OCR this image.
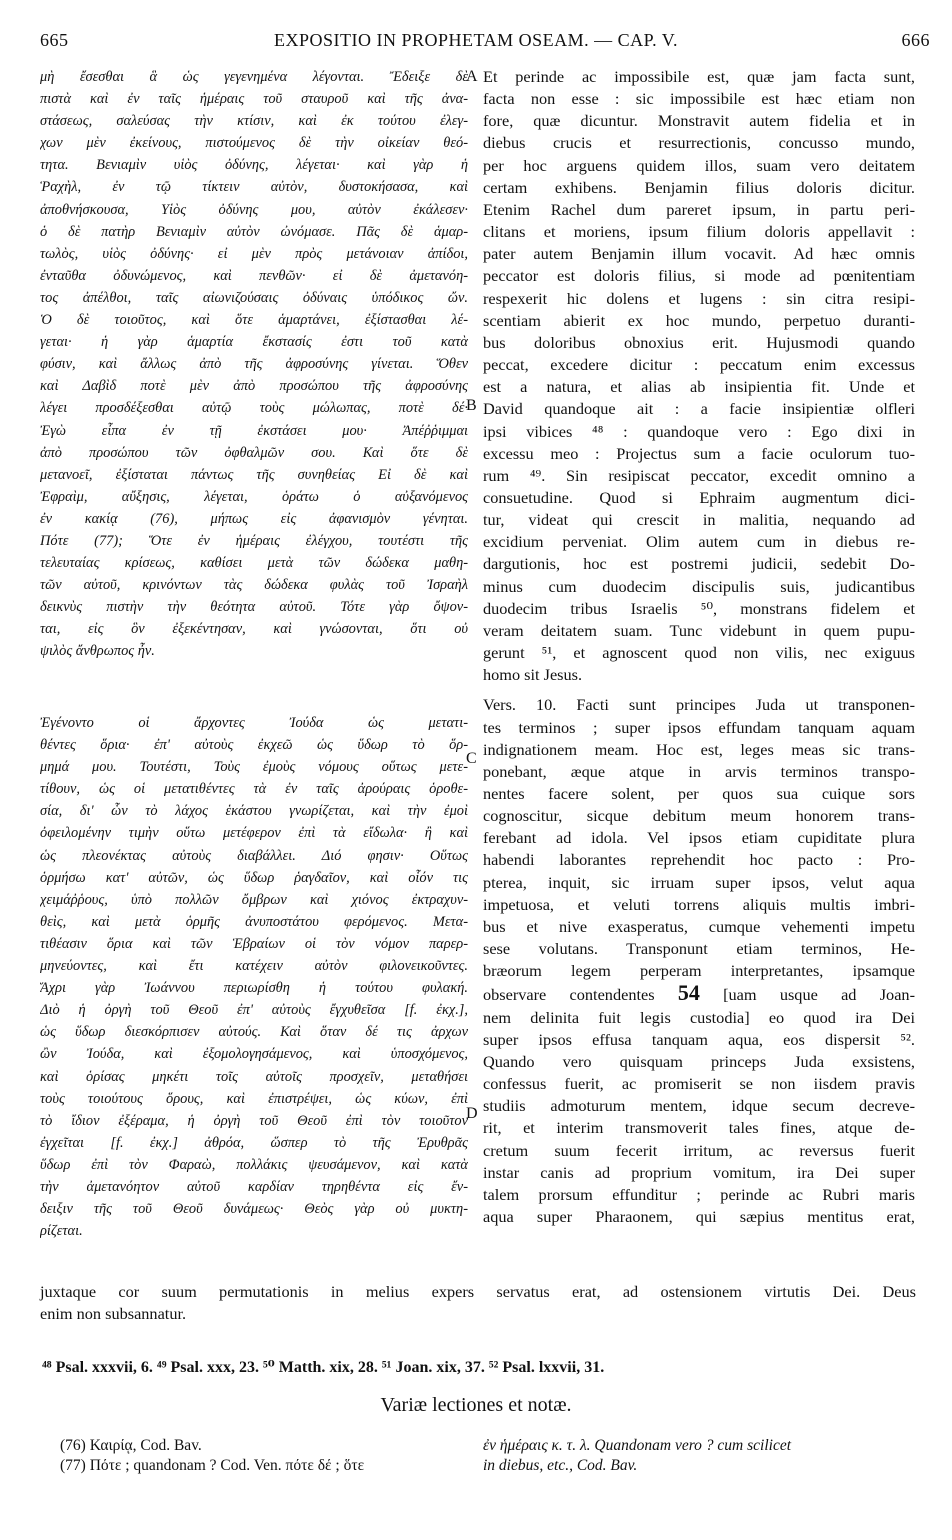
665	EXPOSITIO IN PROPHETAM OSEAM. — CAP. V.	666
μὴ ἔσεσθαι ἃ ὡς γεγενημένα λέγονται. Ἔδειξε δὲ
πιστὰ καὶ ἐν ταῖς ἡμέραις τοῦ σταυροῦ καὶ τῆς ἀνα-
στάσεως, σαλεύσας τὴν κτίσιν, καὶ ἐκ τούτου ἐλεγ-
χων μὲν ἐκείνους, πιστούμενος δὲ τὴν οἰκείαν θεό-
τητα. Βενιαμὶν υἱὸς ὀδύνης, λέγεται· καὶ γὰρ ἡ
Ῥαχὴλ, ἐν τῷ τίκτειν αὐτὸν, δυστοκήσασα, καὶ
ἀποθνήσκουσα, Υἱὸς ὀδύνης μου, αὐτὸν ἐκάλεσεν·
ὁ δὲ πατὴρ Βενιαμὶν αὐτὸν ὠνόμασε. Πᾶς δὲ ἁμαρ-
τωλὸς, υἱὸς ὀδύνης· εἰ μὲν πρὸς μετάνοιαν ἀπίδοι,
ἐνταῦθα ὀδυνώμενος, καὶ πενθῶν· εἰ δὲ ἀμετανόη-
τος ἀπέλθοι, ταῖς αἰωνιζούσαις ὀδύναις ὑπόδικος ὤν.
Ὁ δὲ τοιοῦτος, καὶ ὅτε ἁμαρτάνει, ἐξίστασθαι λέ-
γεται· ἡ γὰρ ἁμαρτία ἔκστασίς ἐστι τοῦ κατὰ
φύσιν, καὶ ἄλλως ἀπὸ τῆς ἀφροσύνης γίνεται. Ὅθεν
καὶ Δαβὶδ ποτὲ μὲν ἀπὸ προσώπου τῆς ἀφροσύνης
λέγει προσδέξεσθαι αὐτῷ τοὺς μώλωπας, ποτὲ δέ·
Ἐγὼ εἶπα ἐν τῇ ἐκστάσει μου· Ἀπέῤῥιμμαι
ἀπὸ προσώπου τῶν ὀφθαλμῶν σου. Καὶ ὅτε δὲ
μετανοεῖ, ἐξίσταται πάντως τῆς συνηθείας Εἰ δὲ καὶ
Ἐφραὶμ, αὔξησις, λέγεται, ὁράτω ὁ αὐξανόμενος
ἐν κακίᾳ (76), μήπως εἰς ἀφανισμὸν γένηται.
Πότε (77); Ὅτε ἐν ἡμέραις ἐλέγχου, τουτέστι τῆς
τελευταίας κρίσεως, καθίσει μετὰ τῶν δώδεκα μαθη-
τῶν αὐτοῦ, κρινόντων τὰς δώδεκα φυλὰς τοῦ Ἰσραὴλ
δεικνὺς πιστὴν τὴν θεότητα αὐτοῦ. Τότε γὰρ ὄψον-
ται, εἰς ὃν ἐξεκέντησαν, καὶ γνώσονται, ὅτι οὐ
ψιλὸς ἄνθρωπος ἦν.
Ἐγένοντο οἱ ἄρχοντες Ἰούδα ὡς μετατι-
θέντες ὅρια· ἐπ' αὐτοὺς ἐκχεῶ ὡς ὕδωρ τὸ ὅρ-
μημά μου. Τουτέστι, Τοὺς ἐμοὺς νόμους οὕτως μετε-
τίθουν, ὡς οἱ μετατιθέντες τὰ ἐν ταῖς ἀρούραις ὁροθε-
σία, δι' ὧν τὸ λάχος ἑκάστου γνωρίζεται, καὶ τὴν ἐμοὶ
ὀφειλομένην τιμὴν οὕτω μετέφερον ἐπὶ τὰ εἴδωλα· ἢ καὶ
ὡς πλεονέκτας αὐτοὺς διαβάλλει. Διό φησιν· Οὕτως
ὁρμήσω κατ' αὐτῶν, ὡς ὕδωρ ῥαγδαῖον, καὶ οἷόν τις
χειμάῤῥους, ὑπὸ πολλῶν ὄμβρων καὶ χιόνος ἐκτραχυν-
θεὶς, καὶ μετὰ ὁρμῆς ἀνυποστάτου φερόμενος. Μετα-
τιθέασιν ὅρια καὶ τῶν Ἑβραίων οἱ τὸν νόμον παρερ-
μηνεύοντες, καὶ ἔτι κατέχειν αὐτὸν φιλονεικοῦντες.
Ἄχρι γὰρ Ἰωάννου περιωρίσθη ἡ τούτου φυλακή.
Διὸ ἡ ὀργὴ τοῦ Θεοῦ ἐπ' αὐτοὺς ἔγχυθεῖσα [f. ἐκχ.],
ὡς ὕδωρ διεσκόρπισεν αὐτούς. Καὶ ὅταν δέ τις ἀρχων
ὢν Ἰούδα, καὶ ἐξομολογησάμενος, καὶ ὑποσχόμενος,
καὶ ὁρίσας μηκέτι τοῖς αὐτοῖς προσχεῖν, μεταθήσει
τοὺς τοιούτους ὅρους, καὶ ἐπιστρέψει, ὡς κύων, ἐπὶ
τὸ ἴδιον ἐξέραμα, ἡ ὀργὴ τοῦ Θεοῦ ἐπὶ τὸν τοιοῦτον
ἐγχεῖται [f. ἐκχ.] ἀθρόα, ὥσπερ τὸ τῆς Ἐρυθρᾶς
ὕδωρ ἐπὶ τὸν Φαραὼ, πολλάκις ψευσάμενον, καὶ κατὰ
τὴν ἀμετανόητον αὐτοῦ καρδίαν τηρηθέντα εἰς ἔν-
δειξιν τῆς τοῦ Θεοῦ δυνάμεως· Θεὸς γὰρ οὐ μυκτη-
ρίζεται.
Et perinde ac impossibile est, quæ jam facta sunt,
facta non esse : sic impossibile est hæc etiam non
fore, quæ dicuntur. Monstravit autem fidelia et in
diebus crucis et resurrectionis, concusso mundo,
per hoc arguens quidem illos, suam vero deitatem
certam exhibens. Benjamin filius doloris dicitur.
Etenim Rachel dum pareret ipsum, in partu peri-
clitans et moriens, ipsum filium doloris appellavit :
pater autem Benjamin illum vocavit. Ad hæc omnis
peccator est doloris filius, si mode ad pœnitentiam
respexerit hic dolens et lugens : sin citra resipi-
scentiam abierit ex hoc mundo, perpetuo duranti-
bus doloribus obnoxius erit. Hujusmodi quando
peccat, excedere dicitur : peccatum enim excessus
est a natura, et alias ab insipientia fit. Unde et
David quandoque ait : a facie insipientiæ olfleri
ipsi vibices ⁴⁸ : quandoque vero : Ego dixi in
excessu meo : Projectus sum a facie oculorum tuo-
rum ⁴⁹. Sin resipiscat peccator, excedit omnino a
consuetudine. Quod si Ephraim augmentum dici-
tur, videat qui crescit in malitia, nequando ad
excidium perveniat. Olim autem cum in diebus re-
dargutionis, hoc est postremi judicii, sedebit Do-
minus cum duodecim discipulis suis, judicantibus
duodecim tribus Israelis ⁵⁰, monstrans fidelem et
veram deitatem suam. Tunc videbunt in quem pupu-
gerunt ⁵¹, et agnoscent quod non vilis, nec exiguus
homo sit Jesus.
Vers. 10. Facti sunt principes Juda ut transponen-
tes terminos ; super ipsos effundam tanquam aquam
indignationem meam. Hoc est, leges meas sic trans-
ponebant, æque atque in arvis terminos transpo-
nentes facere solent, per quos sua cuique sors
cognoscitur, sicque debitum meum honorem trans-
ferebant ad idola. Vel ipsos etiam cupiditate plura
habendi laborantes reprehendit hoc pacto : Pro-
pterea, inquit, sic irruam super ipsos, velut aqua
impetuosa, et veluti torrens aliquis multis imbri-
bus et nive exasperatus, cumque vehementi impetu
sese volutans. Transponunt etiam terminos, He-
bræorum legem perperam interpretantes, ipsamque
observare contendentes 54 [uam usque ad Joan-
nem delinita fuit legis custodia] eo quod ira Dei
super ipsos effusa tanquam aqua, eos dispersit ⁵².
Quando vero quisquam princeps Juda exsistens,
confessus fuerit, ac promiserit se non iisdem pravis
studiis admoturum mentem, idque secum decreve-
rit, et interim transmoverit tales fines, atque de-
cretum suum fecerit irritum, ac reversus fuerit
instar canis ad proprium vomitum, ira Dei super
talem prorsum effunditur ; perinde ac Rubri maris
aqua super Pharaonem, qui sæpius mentitus erat,
A
B
C
D
juxtaque cor suum permutationis in melius expers servatus erat, ad ostensionem virtutis Dei. Deus
enim non subsannatur.
⁴⁸ Psal. xxxvii, 6. ⁴⁹ Psal. xxx, 23. ⁵⁰ Matth. xix, 28. ⁵¹ Joan. xix, 37. ⁵² Psal. lxxvii, 31.
Variæ lectiones et notæ.
(76) Καιρίᾳ, Cod. Bav.
(77) Πότε ; quandonam ? Cod. Ven. πότε δέ ; ὅτε
ἐν ἡμέραις κ. τ. λ. Quandonam vero ? cum scilicet
in diebus, etc., Cod. Bav.
